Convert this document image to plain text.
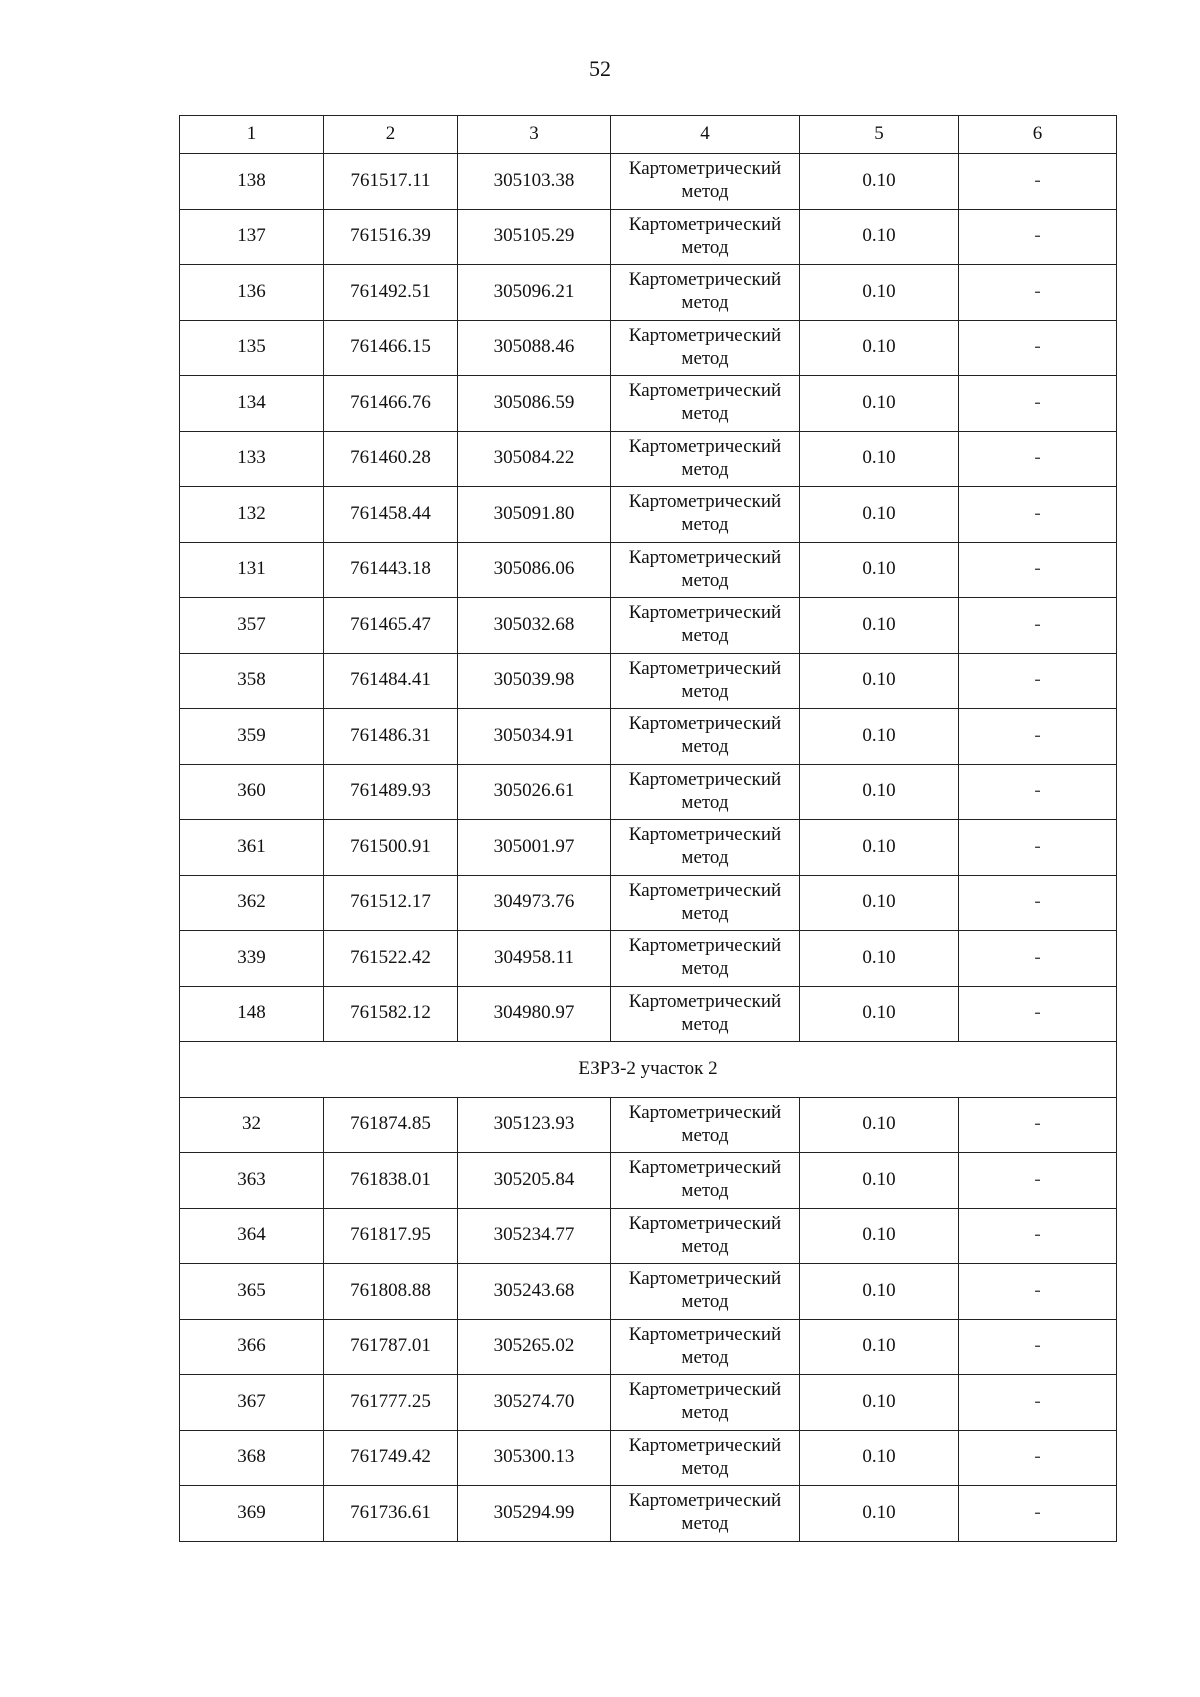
52
1	2	3	4	5	6
138	761517.11	305103.38	Картометрический метод	0.10	-
137	761516.39	305105.29	Картометрический метод	0.10	-
136	761492.51	305096.21	Картометрический метод	0.10	-
135	761466.15	305088.46	Картометрический метод	0.10	-
134	761466.76	305086.59	Картометрический метод	0.10	-
133	761460.28	305084.22	Картометрический метод	0.10	-
132	761458.44	305091.80	Картометрический метод	0.10	-
131	761443.18	305086.06	Картометрический метод	0.10	-
357	761465.47	305032.68	Картометрический метод	0.10	-
358	761484.41	305039.98	Картометрический метод	0.10	-
359	761486.31	305034.91	Картометрический метод	0.10	-
360	761489.93	305026.61	Картометрический метод	0.10	-
361	761500.91	305001.97	Картометрический метод	0.10	-
362	761512.17	304973.76	Картометрический метод	0.10	-
339	761522.42	304958.11	Картометрический метод	0.10	-
148	761582.12	304980.97	Картометрический метод	0.10	-
ЕЗРЗ-2 участок 2					
32	761874.85	305123.93	Картометрический метод	0.10	-
363	761838.01	305205.84	Картометрический метод	0.10	-
364	761817.95	305234.77	Картометрический метод	0.10	-
365	761808.88	305243.68	Картометрический метод	0.10	-
366	761787.01	305265.02	Картометрический метод	0.10	-
367	761777.25	305274.70	Картометрический метод	0.10	-
368	761749.42	305300.13	Картометрический метод	0.10	-
369	761736.61	305294.99	Картометрический метод	0.10	-
